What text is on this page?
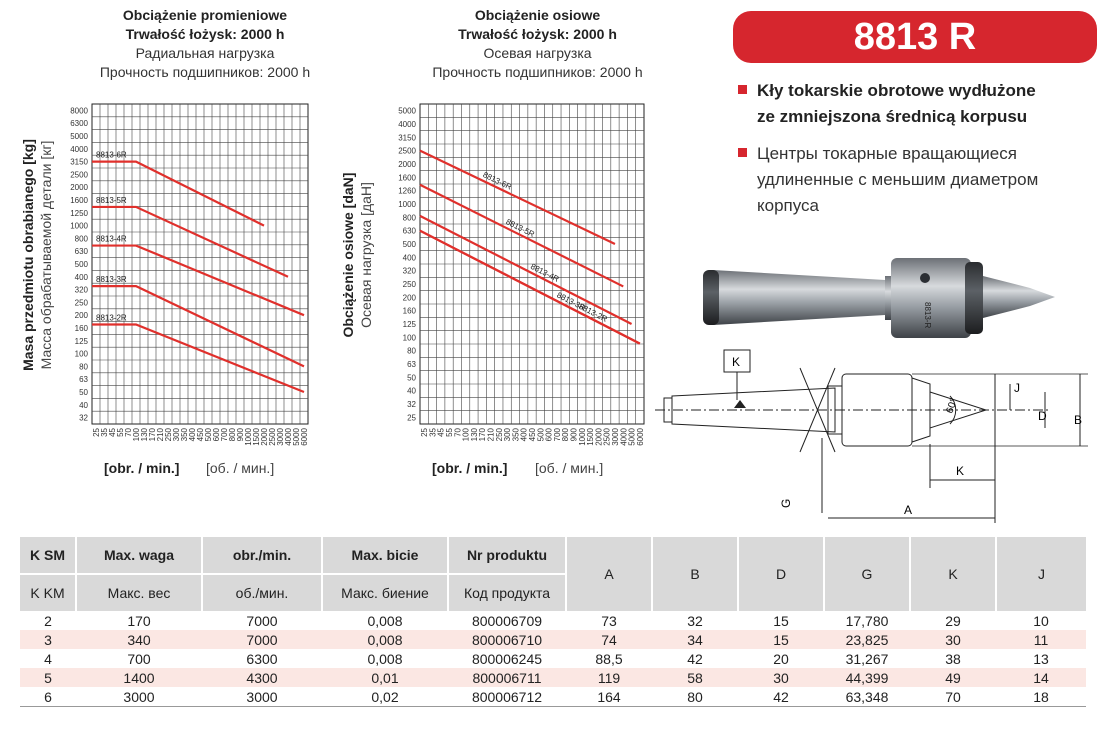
Obciążenie promieniowe
Trwałość łożysk: 2000 h
Радиальная нагрузка
Прочность подшипников: 2000 h
Masa przedmiotu obrabianego [kg] Масса обрабатываемой детали [кг]
[obr. / min.] [об. / мин.]
8000
6300
5000
4000
3150
2500
2000
1600
1250
1000
800
630
500
400
320
250
200
160
125
100
80
63
50
40
32
25 35 45 55 70 100 130 170 210 250 300 350 400 450 500 600 700 800 900 1000 1500 2000 2500 3000 4000 5000 6000
8813-6R
8813-5R
8813-4R
8813-3R
8813-2R
Obciążenie osiowe
Trwałość łożysk: 2000 h
Осевая нагрузка
Прочность подшипников: 2000 h
Obciążenie osiowe [daN] Осевая нагрузка [даН]
[obr. / min.] [об. / мин.]
5000
4000
3150
2500
2000
1600
1260
1000
800
630
500
400
320
250
200
160
125
100
80
63
50
40
32
25
25 35 45 55 70 100 130 170 210 250 300 350 400 450 500 600 700 800 900 1000 1500 2000 2500 3000 4000 5000 6000
8813-6R
8813-5R
8813-4R
8813-3R
8813-2R
8813 R
Kły tokarskie obrotowe wydłużone
ze zmniejszona średnicą korpusu
Центры токарные вращающиеся
удлиненные с меньшим диаметром
корпуса
8813-R
K
J
D B
60°
K
G	A
K SM	Max. waga	obr./min.	Max. bicie	Nr produktu	A	B	D	G	K	J
K KM	Макс. вес	об./мин.	Макс. биение	Код продукта						
2	170	7000	0,008	800006709	73	32	15	17,780	29	10
3	340	7000	0,008	800006710	74	34	15	23,825	30	11
4	700	6300	0,008	800006245	88,5	42	20	31,267	38	13
5	1400	4300	0,01	800006711	119	58	30	44,399	49	14
6	3000	3000	0,02	800006712	164	80	42	63,348	70	18
